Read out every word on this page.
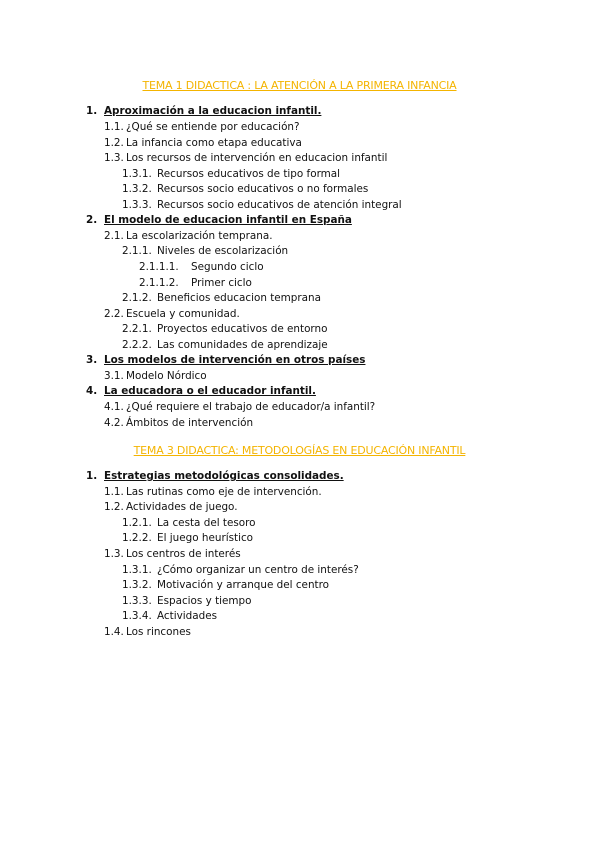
TEMA 1 DIDACTICA : LA ATENCIÓN A LA PRIMERA INFANCIA
1. Aproximación a la educacion infantil.
1.1. ¿Qué se entiende por educación?
1.2. La infancia como etapa educativa
1.3. Los recursos de intervención en educacion infantil
1.3.1. Recursos educativos de tipo formal
1.3.2. Recursos socio educativos o no formales
1.3.3. Recursos socio educativos de atención integral
2. El modelo de educacion infantil en España
2.1. La escolarización temprana.
2.1.1. Niveles de escolarización
2.1.1.1. Segundo ciclo
2.1.1.2. Primer ciclo
2.1.2. Beneficios educacion temprana
2.2. Escuela y comunidad.
2.2.1. Proyectos educativos de entorno
2.2.2. Las comunidades de aprendizaje
3. Los modelos de intervención en otros países
3.1. Modelo Nórdico
4. La educadora o el educador infantil.
4.1. ¿Qué requiere el trabajo de educador/a infantil?
4.2. Ámbitos de intervención
TEMA 3 DIDACTICA: METODOLOGÍAS EN EDUCACIÓN INFANTIL
1. Estrategias metodológicas consolidades.
1.1. Las rutinas como eje de intervención.
1.2. Actividades de juego.
1.2.1. La cesta del tesoro
1.2.2. El juego heurístico
1.3. Los centros de interés
1.3.1. ¿Cómo organizar un centro de interés?
1.3.2. Motivación y arranque del centro
1.3.3. Espacios y tiempo
1.3.4. Actividades
1.4. Los rincones
